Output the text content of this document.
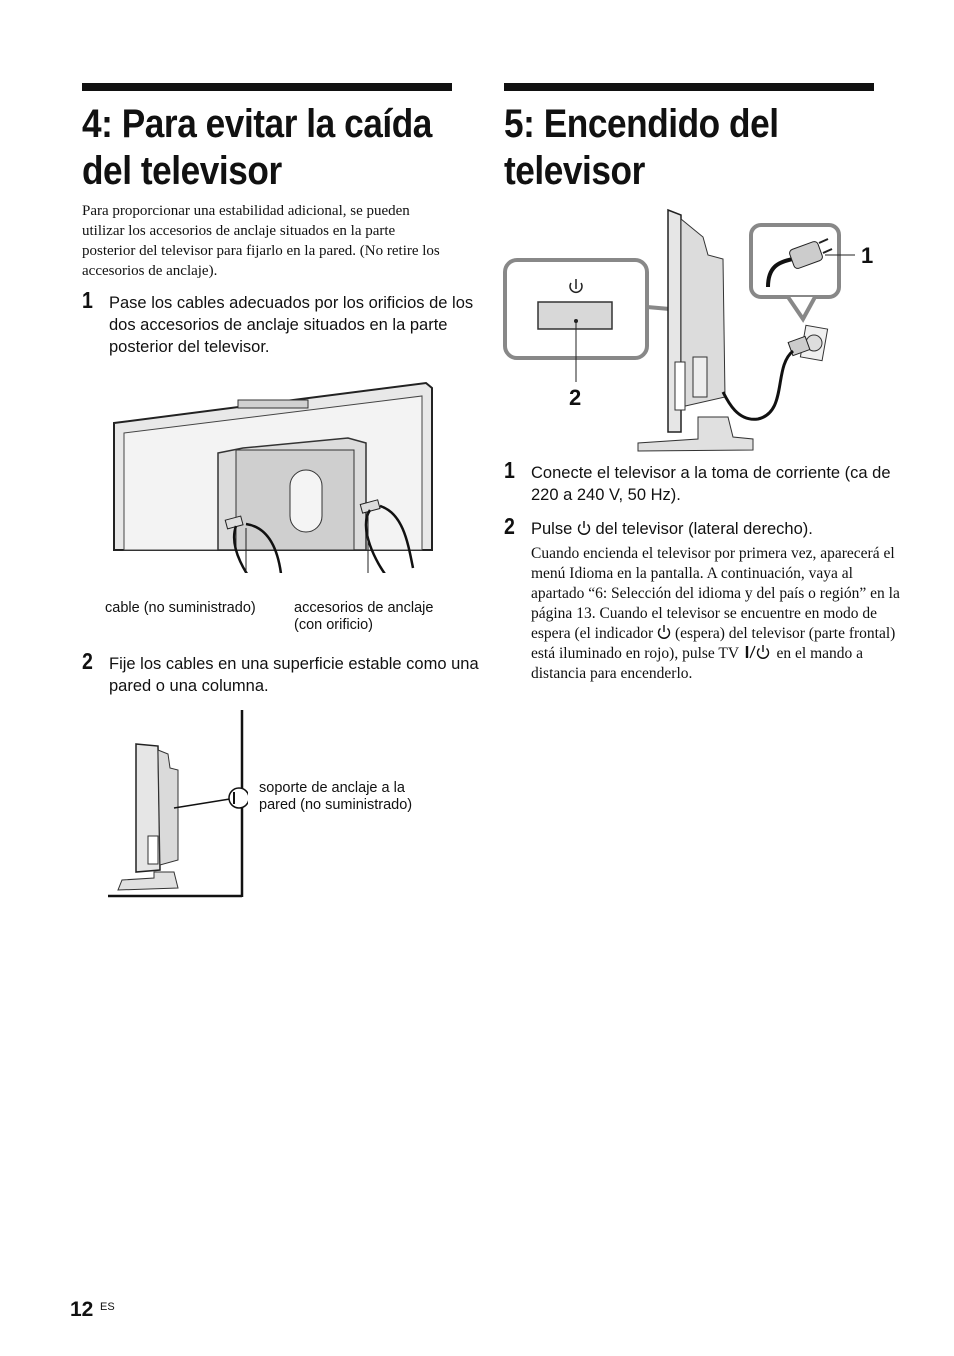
4: Para evitar la caída
del televisor

Para proporcionar una estabilidad adicional, se pueden utilizar los accesorios de anclaje situados en la parte posterior del televisor para fijarlo en la pared. (No retire los accesorios de anclaje).

1 Pase los cables adecuados por los orificios de los dos accesorios de anclaje situados en la parte posterior del televisor.

cable (no suministrado)	accesorios de anclaje
(con orificio)
2 Fije los cables en una superficie estable como una pared o una columna.

soporte de anclaje a la
pared (no suministrado)
5: Encendido del
televisor
2
1
1 Conecte el televisor a la toma de corriente (ca de 220 a 240 V, 50 Hz).

2 Pulse del televisor (lateral derecho).

Cuando encienda el televisor por primera vez, aparecerá el menú Idioma en la pantalla. A continuación, vaya al apartado “6: Selección del idioma y del país o región” en la página 13. Cuando el televisor se encuentre en modo de espera (el indicador (espera) del televisor (parte frontal) está iluminado en rojo), pulse TV en el mando a distancia para encenderlo.

12 ES
